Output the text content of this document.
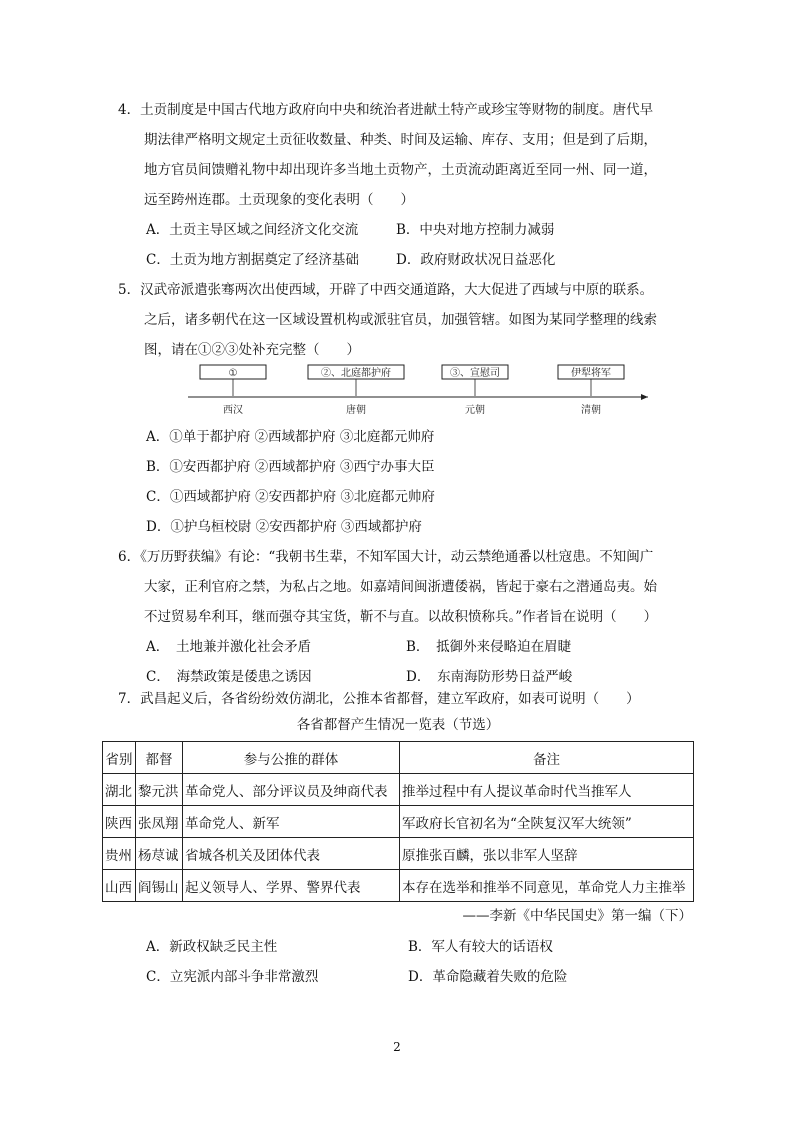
4．土贡制度是中国古代地方政府向中央和统治者进献土特产或珍宝等财物的制度。唐代早

期法律严格明文规定土贡征收数量、种类、时间及运输、库存、支用；但是到了后期，

地方官员间馈赠礼物中却出现许多当地土贡物产，土贡流动距离近至同一州、同一道，

远至跨州连郡。土贡现象的变化表明（　　）

A．土贡主导区域之间经济文化交流	B．中央对地方控制力减弱
C．土贡为地方割据奠定了经济基础	D．政府财政状况日益恶化

5．汉武帝派遣张骞两次出使西域，开辟了中西交通道路，大大促进了西域与中原的联系。

之后，诸多朝代在这一区域设置机构或派驻官员，加强管辖。如图为某同学整理的线索

图，请在①②③处补充完整（　　）

①	②、北庭都护府	③、宣慰司	伊犁将军
西汉	唐朝	元朝	清朝
A．①单于都护府 ②西域都护府 ③北庭都元帅府
B．①安西都护府 ②西域都护府 ③西宁办事大臣
C．①西域都护府 ②安西都护府 ③北庭都元帅府
D．①护乌桓校尉 ②安西都护府 ③西域都护府

6．《万历野获编》有论：“我朝书生辈，不知军国大计，动云禁绝通番以杜寇患。不知闽广

大家，正利官府之禁，为私占之地。如嘉靖间闽浙遭倭祸，皆起于豪右之潜通岛夷。始

不过贸易牟利耳，继而强夺其宝货，靳不与直。以故积愤称兵。”作者旨在说明（　　）

A．　土地兼并激化社会矛盾	B．　抵御外来侵略迫在眉睫
C．　海禁政策是倭患之诱因	D．　东南海防形势日益严峻

7．武昌起义后，各省纷纷效仿湖北，公推本省都督，建立军政府，如表可说明（　　）

各省都督产生情况一览表（节选）
省别	都督	参与公推的群体	备注
湖北	黎元洪	革命党人、部分评议员及绅商代表	推举过程中有人提议革命时代当推军人
陕西	张凤翔	革命党人、新军	军政府长官初名为“全陕复汉军大统领”
贵州	杨荩诚	省城各机关及团体代表	原推张百麟，张以非军人坚辞
山西	阎锡山	起义领导人、学界、警界代表	本存在选举和推举不同意见，革命党人力主推举
——李新《中华民国史》第一编（下）
A．新政权缺乏民主性	B．军人有较大的话语权
C．立宪派内部斗争非常激烈	D．革命隐藏着失败的危险
2
